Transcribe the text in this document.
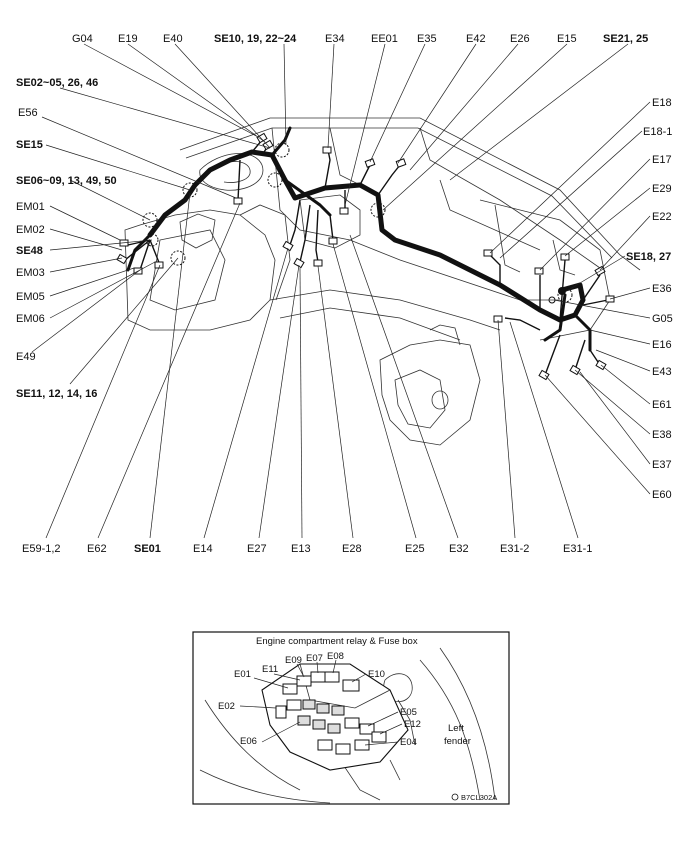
G04 E19 E40	SE10, 19, 22~24	E34 EE01 E35	E42 E26 E15 SE21, 25
SE02~05, 26, 46
E56
SE15
SE06~09, 13, 49, 50
EM01
EM02
SE48
EM03
EM05
EM06
E49
SE11, 12, 14, 16
E18
E18-1
E17
E29
E22
SE18, 27
E36
G05
E16
E43
E61
E38
E37
E60
E59-1,2 E62 SE01	E14	E27 E13	E28	E25 E32	E31-2	E31-1
Engine compartment relay & Fuse box
E01 E11
E09 E07 E08
E10
E02
E05
E12
E06	E04
Left
fender
B7CL302A
